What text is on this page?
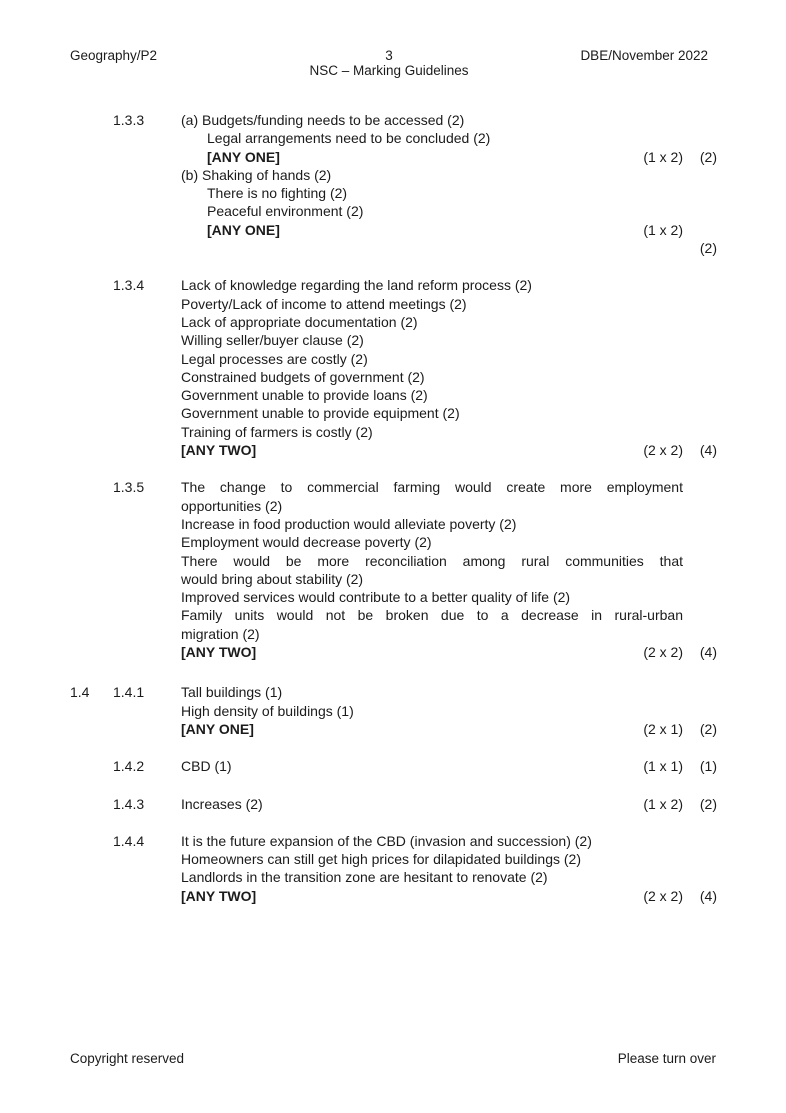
Geography/P2	3	DBE/November 2022
NSC – Marking Guidelines
1.3.3	(a) Budgets/funding needs to be accessed (2)
Legal arrangements need to be concluded (2)
[ANY ONE]	(1 x 2)	(2)
(b) Shaking of hands (2)
There is no fighting (2)
Peaceful environment (2)
[ANY ONE]	(1 x 2)
(2)
1.3.4	Lack of knowledge regarding the land reform process (2)
Poverty/Lack of income to attend meetings (2)
Lack of appropriate documentation (2)
Willing seller/buyer clause (2)
Legal processes are costly (2)
Constrained budgets of government (2)
Government unable to provide loans (2)
Government unable to provide equipment (2)
Training of farmers is costly (2)
[ANY TWO]	(2 x 2)	(4)
1.3.5	The change to commercial farming would create more employment
opportunities (2)
Increase in food production would alleviate poverty (2)
Employment would decrease poverty (2)
There would be more reconciliation among rural communities that
would bring about stability (2)
Improved services would contribute to a better quality of life (2)
Family units would not be broken due to a decrease in rural-urban
migration (2)
[ANY TWO]	(2 x 2)	(4)
1.4	1.4.1	Tall buildings (1)
High density of buildings (1)
[ANY ONE]	(2 x 1)	(2)
1.4.2	CBD (1)	(1 x 1)	(1)
1.4.3	Increases (2)	(1 x 2)	(2)
1.4.4	It is the future expansion of the CBD (invasion and succession) (2)
Homeowners can still get high prices for dilapidated buildings (2)
Landlords in the transition zone are hesitant to renovate (2)
[ANY TWO]	(2 x 2)	(4)
Copyright reserved	Please turn over
